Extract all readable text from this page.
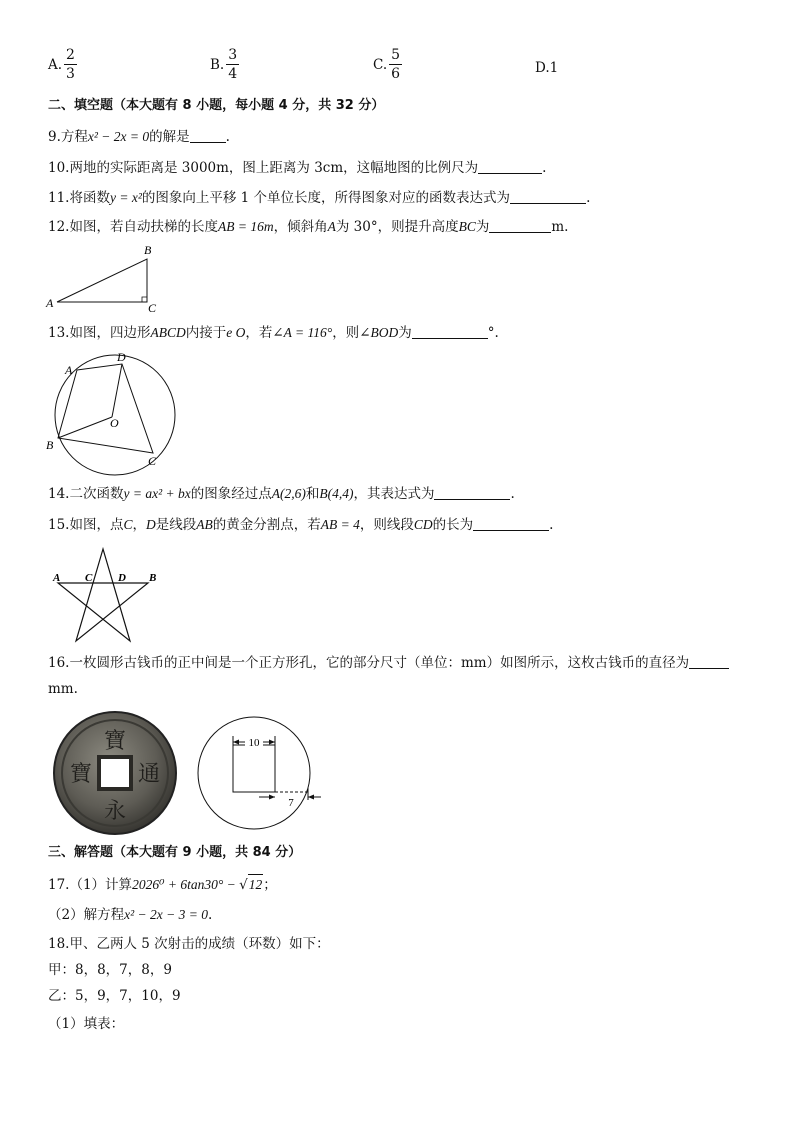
A. $\frac{2}{3}$	B. $\frac{3}{4}$	C. $\frac{5}{6}$	D. 1
二、填空题（本大题有 8 小题，每小题 4 分，共 32 分）
9.方程x² − 2x = 0的解是	.
10.两地的实际距离是 3000m，图上距离为 3cm，这幅地图的比例尺为	.
11.将函数y = x²的图象向上平移 1 个单位长度，所得图象对应的函数表达式为	.
12.如图，若自动扶梯的长度AB = 16m，倾斜角A为 30°，则提升高度BC为	m.
A
B
C
13.如图，四边形ABCD内接于e O，若∠A = 116°，则∠BOD为	°.
A
D
B
C
O
14.二次函数y = ax² + bx的图象经过点A(2,6)和B(4,4)，其表达式为	.
15.如图，点C，D是线段AB的黄金分割点，若AB = 4，则线段CD的长为	.
A C D B
16.一枚圆形古钱币的正中间是一个正方形孔，它的部分尺寸（单位：mm）如图所示，这枚古钱币的直径为
mm.
寶
通
永
寶
10
7
三、解答题（本大题有 9 小题，共 84 分）
17.（1）计算2026⁰ + 6tan30° − √12；
（2）解方程x² − 2x − 3 = 0.
18.甲、乙两人 5 次射击的成绩（环数）如下：
甲：8，8，7，8，9
乙：5，9，7，10，9
（1）填表：
